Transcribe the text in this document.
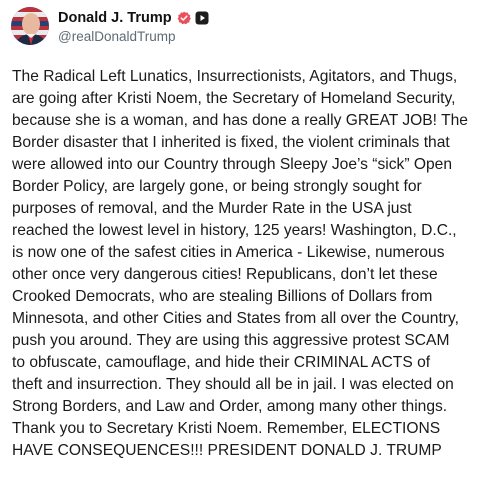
Donald J. Trump
@realDonaldTrump

The Radical Left Lunatics, Insurrectionists, Agitators, and Thugs,
are going after Kristi Noem, the Secretary of Homeland Security,
because she is a woman, and has done a really GREAT JOB! The
Border disaster that I inherited is fixed, the violent criminals that
were allowed into our Country through Sleepy Joe’s “sick” Open
Border Policy, are largely gone, or being strongly sought for
purposes of removal, and the Murder Rate in the USA just
reached the lowest level in history, 125 years! Washington, D.C.,
is now one of the safest cities in America - Likewise, numerous
other once very dangerous cities! Republicans, don’t let these
Crooked Democrats, who are stealing Billions of Dollars from
Minnesota, and other Cities and States from all over the Country,
push you around. They are using this aggressive protest SCAM
to obfuscate, camouflage, and hide their CRIMINAL ACTS of
theft and insurrection. They should all be in jail. I was elected on
Strong Borders, and Law and Order, among many other things.
Thank you to Secretary Kristi Noem. Remember, ELECTIONS
HAVE CONSEQUENCES!!! PRESIDENT DONALD J. TRUMP
